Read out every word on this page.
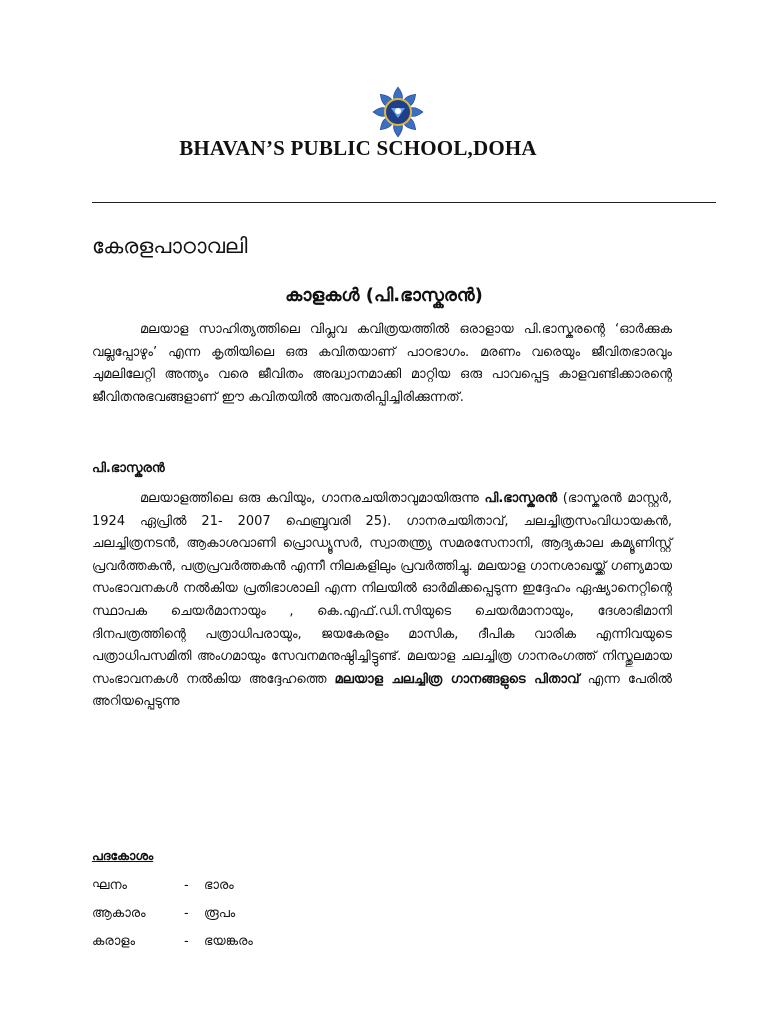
BHAVAN’S PUBLIC SCHOOL,DOHA
കേരളപാഠാവലി
കാളകൾ (പി.ഭാസ്കരൻ)
മലയാള സാഹിത്യത്തിലെ വിപ്ലവ കവിത്രയത്തിൽ ഒരാളായ പി.ഭാസ്കരന്റെ ‘ഓർക്കുക വല്ലപ്പോഴും’ എന്ന കൃതിയിലെ ഒരു കവിതയാണ് പാഠഭാഗം. മരണം വരെയും ജീവിതഭാരവും ചുമലിലേറ്റി അന്ത്യം വരെ ജീവിതം അദ്ധ്വാനമാക്കി മാറ്റിയ ഒരു പാവപ്പെട്ട കാളവണ്ടിക്കാരന്റെ ജീവിതനുഭവങ്ങളാണ് ഈ കവിതയിൽ അവതരിപ്പിച്ചിരിക്കുന്നത്.
പി.ഭാസ്കരൻ
മലയാളത്തിലെ ഒരു കവിയും, ഗാനരചയിതാവുമായിരുന്നു പി.ഭാസ്കരൻ (ഭാസ്കരൻ മാസ്റ്റർ, 1924 ഏപ്രിൽ 21- 2007 ഫെബ്രുവരി 25). ഗാനരചയിതാവ്, ചലച്ചിത്രസംവിധായകൻ, ചലച്ചിത്രനടൻ, ആകാശവാണി പ്രൊഡ്യൂസർ, സ്വാതന്ത്ര്യ സമരസേനാനി, ആദ്യകാല കമ്യൂണിസ്റ്റ് പ്രവർത്തകൻ, പത്രപ്രവർത്തകൻ എന്നീ നിലകളിലും പ്രവർത്തിച്ചു. മലയാള ഗാനശാഖയ്ക്ക് ഗണ്യമായ സംഭാവനകൾ നൽകിയ പ്രതിഭാശാലി എന്ന നിലയിൽ ഓർമിക്കപ്പെടുന്ന ഇദ്ദേഹം ഏഷ്യാനെറ്റിന്റെ സ്ഥാപക ചെയർമാനായും , കെ.എഫ്.ഡി.സിയുടെ ചെയർമാനായും, ദേശാഭിമാനി ദിനപത്രത്തിന്റെ പത്രാധിപരായും, ജയകേരളം മാസിക, ദീപിക വാരിക എന്നിവയുടെ പത്രാധിപസമിതി അംഗമായും സേവനമനുഷ്ഠിച്ചിട്ടുണ്ട്. മലയാള ചലച്ചിത്ര ഗാനരംഗത്ത് നിസ്തുലമായ സംഭാവനകൾ നൽകിയ അദ്ദേഹത്തെ മലയാള ചലച്ചിത്ര ഗാനങ്ങളുടെ പിതാവ് എന്ന പേരിൽ അറിയപ്പെടുന്നു
പദകോശം
ഘനം	- ഭാരം
ആകാരം	- രൂപം
കരാളം	- ഭയങ്കരം
